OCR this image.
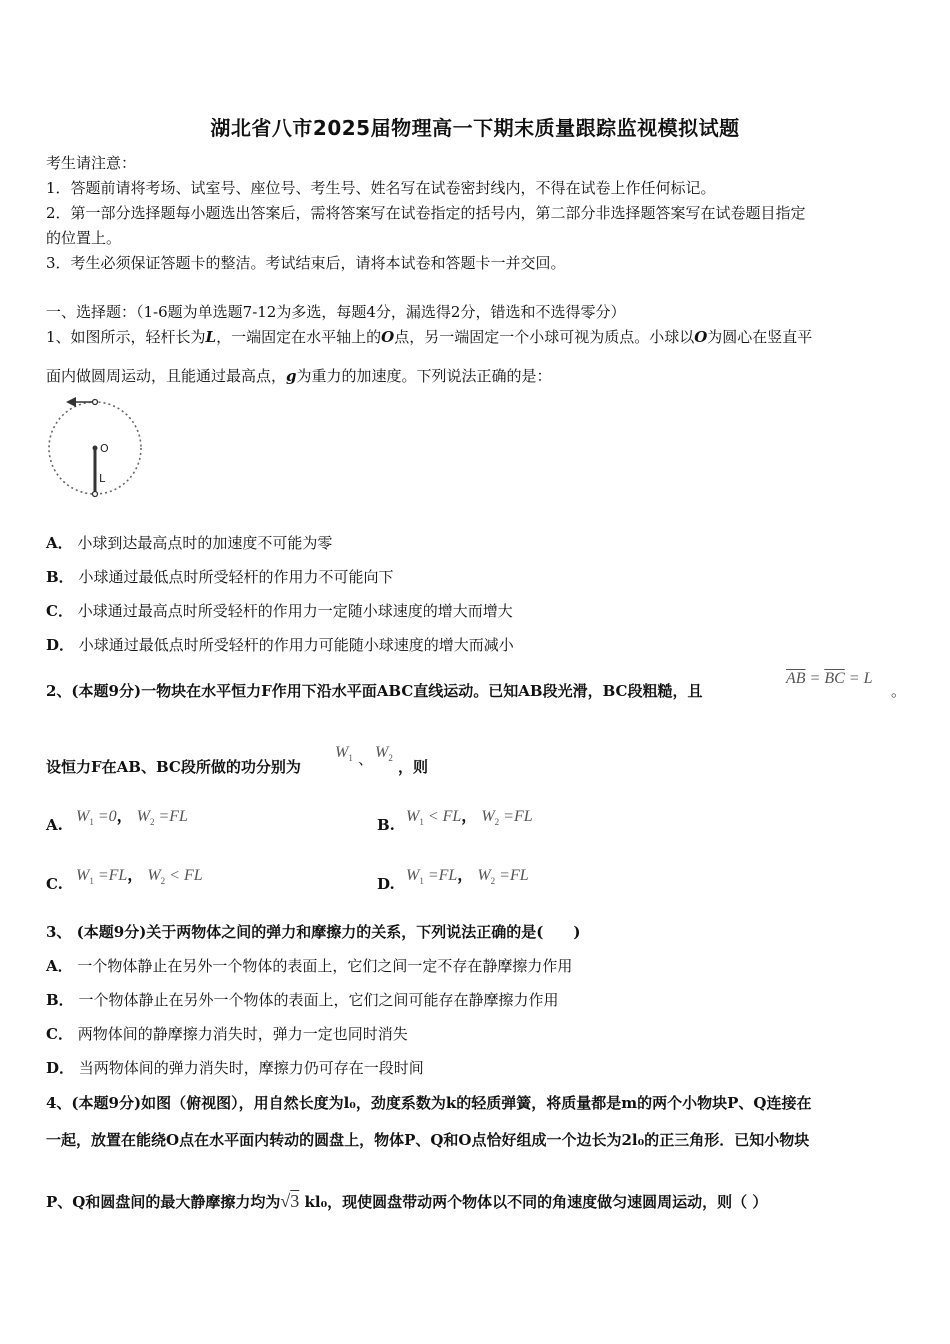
湖北省八市2025届物理高一下期末质量跟踪监视模拟试题
考生请注意：
1．答题前请将考场、试室号、座位号、考生号、姓名写在试卷密封线内，不得在试卷上作任何标记。
2．第一部分选择题每小题选出答案后，需将答案写在试卷指定的括号内，第二部分非选择题答案写在试卷题目指定
的位置上。
3．考生必须保证答题卡的整洁。考试结束后，请将本试卷和答题卡一并交回。
一、选择题：（1-6题为单选题7-12为多选，每题4分，漏选得2分，错选和不选得零分）
1、如图所示，轻杆长为L，一端固定在水平轴上的O点，另一端固定一个小球可视为质点。小球以O为圆心在竖直平
面内做圆周运动，且能通过最高点，g为重力的加速度。下列说法正确的是：
O
L
A． 小球到达最高点时的加速度不可能为零
B． 小球通过最低点时所受轻杆的作用力不可能向下
C． 小球通过最高点时所受轻杆的作用力一定随小球速度的增大而增大
D． 小球通过最低点时所受轻杆的作用力可能随小球速度的增大而减小
2、(本题9分)一物块在水平恒力F作用下沿水平面ABC直线运动。已知AB段光滑，BC段粗糙，且
$\overline{AB} = \overline{BC} = L$
。
设恒力F在AB、BC段所做的功分别为
$W_1$ 、 $W_2$ ，则
A. $W_1 =0$， $W_2 =FL$	B. $W_1$ < FL， $W_2 =FL$
C. $W_1 =FL$， $W_2$ < FL	D. $W_1 =FL$， $W_2 =FL$
3、 (本题9分)关于两物体之间的弹力和摩擦力的关系，下列说法正确的是(　　)
A． 一个物体静止在另外一个物体的表面上，它们之间一定不存在静摩擦力作用
B． 一个物体静止在另外一个物体的表面上，它们之间可能存在静摩擦力作用
C． 两物体间的静摩擦力消失时，弹力一定也同时消失
D． 当两物体间的弹力消失时，摩擦力仍可存在一段时间
4、(本题9分)如图（俯视图），用自然长度为l₀，劲度系数为k的轻质弹簧，将质量都是m的两个小物块P、Q连接在
一起，放置在能绕O点在水平面内转动的圆盘上，物体P、Q和O点恰好组成一个边长为2l₀的正三角形．已知小物块
P、Q和圆盘间的最大静摩擦力均为√3 kl₀，现使圆盘带动两个物体以不同的角速度做匀速圆周运动，则（ ）
